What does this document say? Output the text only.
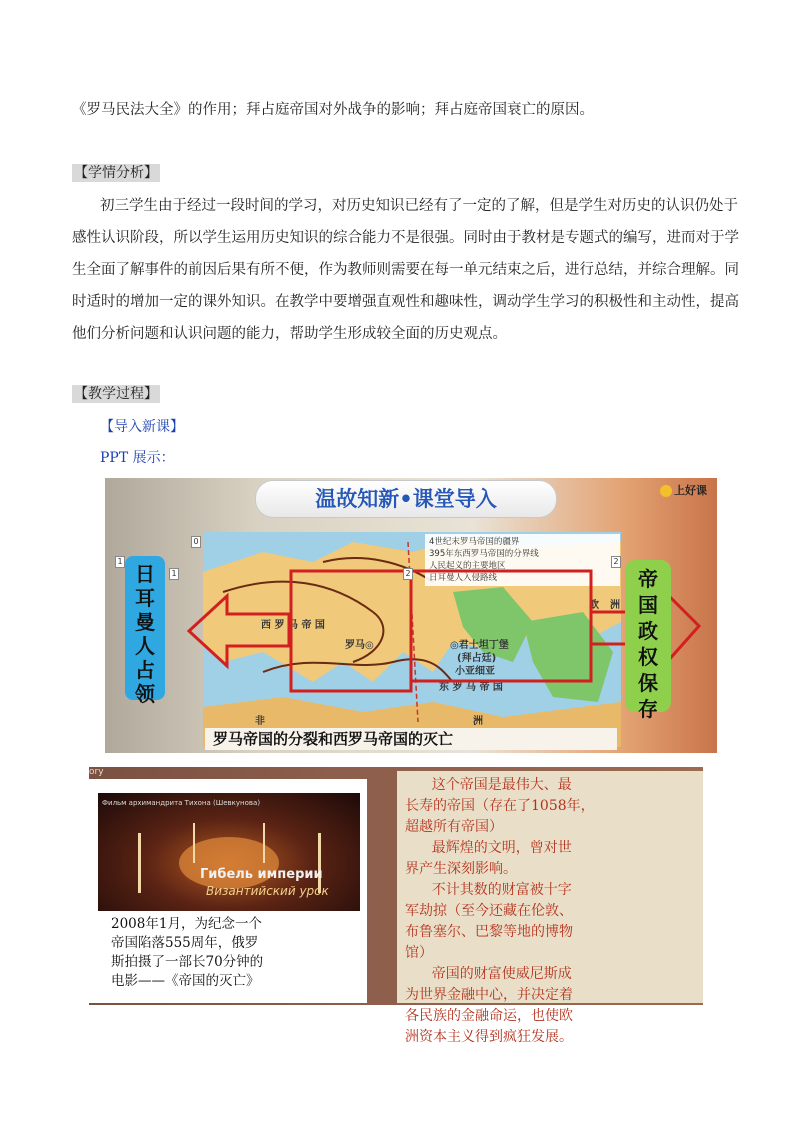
《罗马民法大全》的作用；拜占庭帝国对外战争的影响；拜占庭帝国衰亡的原因。
【学情分析】
初三学生由于经过一段时间的学习，对历史知识已经有了一定的了解，但是学生对历史的认识仍处于
感性认识阶段，所以学生运用历史知识的综合能力不是很强。同时由于教材是专题式的编写，进而对于学
生全面了解事件的前因后果有所不便，作为教师则需要在每一单元结束之后，进行总结，并综合理解。同
时适时的增加一定的课外知识。在教学中要增强直观性和趣味性，调动学生学习的积极性和主动性，提高
他们分析问题和认识问题的能力，帮助学生形成较全面的历史观点。
【教学过程】
【导入新课】
PPT 展示：
温故知新•课堂导入	上好课
4世纪末罗马帝国的疆界
395年东西罗马帝国的分界线
人民起义的主要地区
日耳曼人入侵路线
西 罗 马 帝 国
罗马◎	◎君士坦丁堡
(拜占廷)
小亚细亚
东 罗 马 帝 国
非	洲
欧 洲
日
耳
曼
人
占
领
帝
国
政
权
保
存
0
1
1	2
2
罗马帝国的分裂和西罗马帝国的灭亡
ory
Фильм архимандрита Тихона (Шевкунова)
Гибель империи
Византийский урок
2008年1月，为纪念一个
帝国陷落555周年，俄罗
斯拍摄了一部长70分钟的
电影——《帝国的灭亡》
这个帝国是最伟大、最
长寿的帝国（存在了1058年，
超越所有帝国）
最辉煌的文明，曾对世
界产生深刻影响。
不计其数的财富被十字
军劫掠（至今还藏在伦敦、
布鲁塞尔、巴黎等地的博物
馆）
帝国的财富使威尼斯成
为世界金融中心，并决定着
各民族的金融命运，也使欧
洲资本主义得到疯狂发展。
